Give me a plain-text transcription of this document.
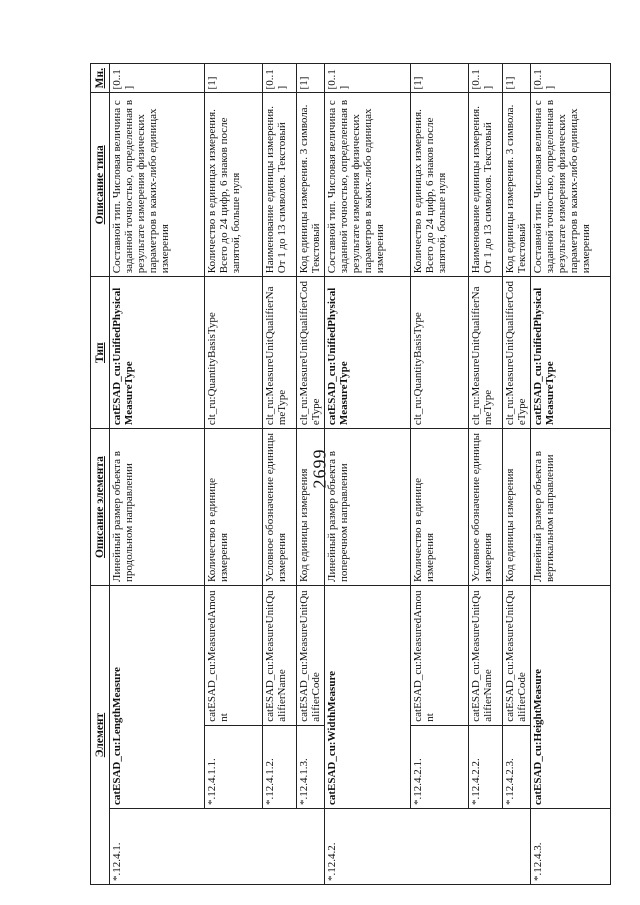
2699
Элемент			Описание элемента	Тип	Описание типа	Мн.
*.12.4.1.	catESAD_cu:LengthMeasure		Линейный размер объекта в продольном направлении	catESAD_cu:UnifiedPhysicalMeasureType	Составной тип. Числовая величина с заданной точностью, определенная в результате измерения физических параметров в каких-либо единицах измерения	[0..1]
	*.12.4.1.1.	catESAD_cu:MeasuredAmount	Количество в единице измерения	clt_ru:QuantityBasisType	Количество в единицах измерения. Всего до 24 цифр, 6 знаков после запятой, больше нуля	[1]
	*.12.4.1.2.	catESAD_cu:MeasureUnitQualifierName	Условное обозначение единицы измерения	clt_ru:MeasureUnitQualifierNameType	Наименование единицы измерения. От 1 до 13 символов. Текстовый	[0..1]
	*.12.4.1.3.	catESAD_cu:MeasureUnitQualifierCode	Код единицы измерения	clt_ru:MeasureUnitQualifierCodeType	Код единицы измерения. 3 символа. Текстовый	[1]
*.12.4.2.	catESAD_cu:WidthMeasure		Линейный размер объекта в поперечном направлении	catESAD_cu:UnifiedPhysicalMeasureType	Составной тип. Числовая величина с заданной точностью, определенная в результате измерения физических параметров в каких-либо единицах измерения	[0..1]
	*.12.4.2.1.	catESAD_cu:MeasuredAmount	Количество в единице измерения	clt_ru:QuantityBasisType	Количество в единицах измерения. Всего до 24 цифр, 6 знаков после запятой, больше нуля	[1]
	*.12.4.2.2.	catESAD_cu:MeasureUnitQualifierName	Условное обозначение единицы измерения	clt_ru:MeasureUnitQualifierNameType	Наименование единицы измерения. От 1 до 13 символов. Текстовый	[0..1]
	*.12.4.2.3.	catESAD_cu:MeasureUnitQualifierCode	Код единицы измерения	clt_ru:MeasureUnitQualifierCodeType	Код единицы измерения. 3 символа. Текстовый	[1]
*.12.4.3.	catESAD_cu:HeightMeasure		Линейный размер объекта в вертикальном направлении	catESAD_cu:UnifiedPhysicalMeasureType	Составной тип. Числовая величина с заданной точностью, определенная в результате измерения физических параметров в каких-либо единицах измерения	[0..1]
